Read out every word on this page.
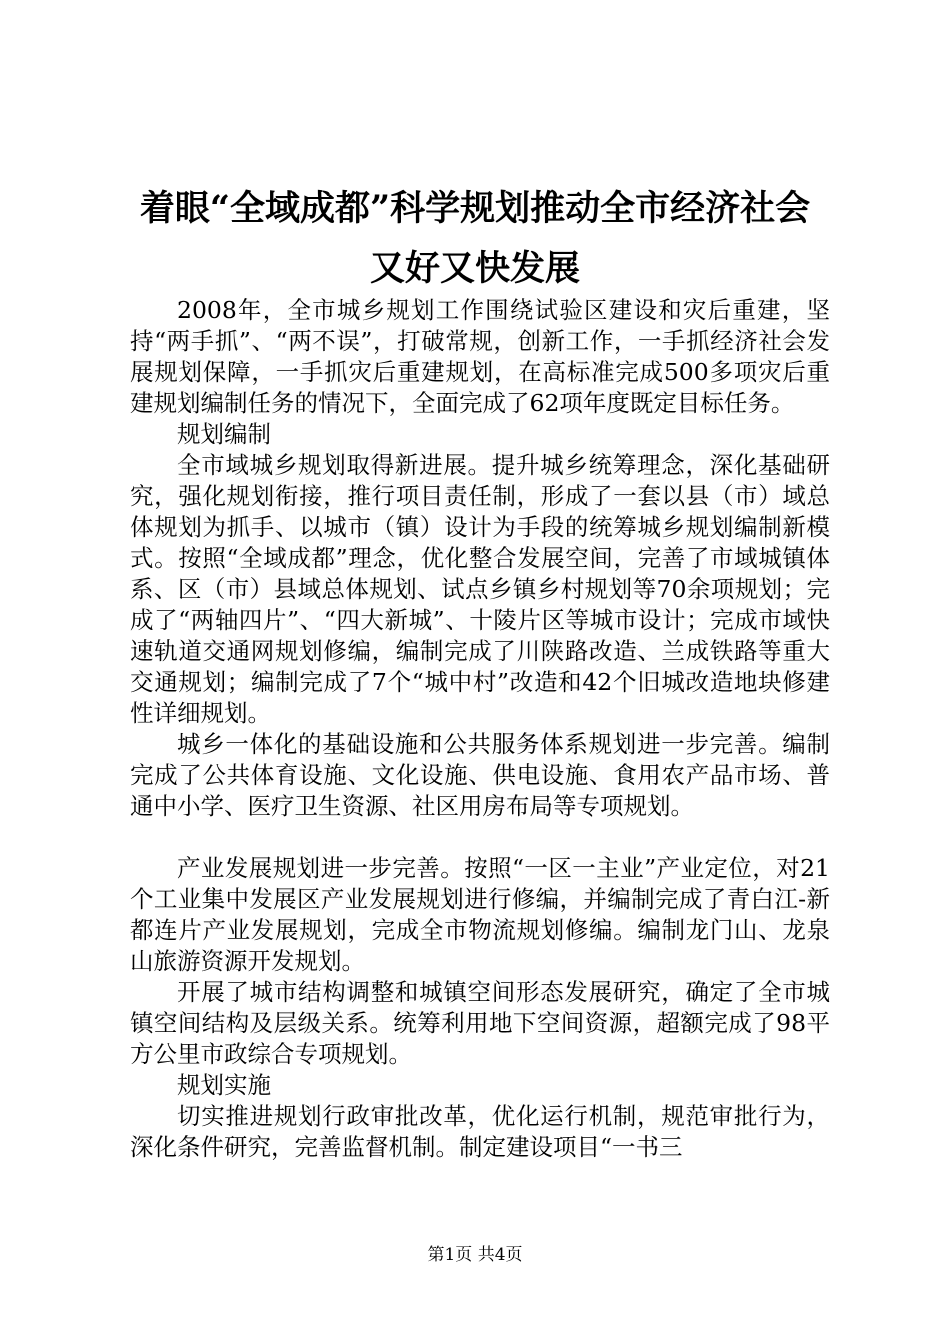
着眼“全域成都”科学规划推动全市经济社会
又好又快发展

2008年，全市城乡规划工作围绕试验区建设和灾后重建，坚持“两手抓”、“两不误”，打破常规，创新工作，一手抓经济社会发展规划保障，一手抓灾后重建规划，在高标准完成500多项灾后重建规划编制任务的情况下，全面完成了62项年度既定目标任务。

规划编制

全市域城乡规划取得新进展。提升城乡统筹理念，深化基础研究，强化规划衔接，推行项目责任制，形成了一套以县（市）域总体规划为抓手、以城市（镇）设计为手段的统筹城乡规划编制新模式。按照“全域成都”理念，优化整合发展空间，完善了市域城镇体系、区（市）县域总体规划、试点乡镇乡村规划等70余项规划；完成了“两轴四片”、“四大新城”、十陵片区等城市设计；完成市域快速轨道交通网规划修编，编制完成了川陕路改造、兰成铁路等重大交通规划；编制完成了7个“城中村”改造和42个旧城改造地块修建性详细规划。

城乡一体化的基础设施和公共服务体系规划进一步完善。编制完成了公共体育设施、文化设施、供电设施、食用农产品市场、普通中小学、医疗卫生资源、社区用房布局等专项规划。

产业发展规划进一步完善。按照“一区一主业”产业定位，对21个工业集中发展区产业发展规划进行修编，并编制完成了青白江-新都连片产业发展规划，完成全市物流规划修编。编制龙门山、龙泉山旅游资源开发规划。

开展了城市结构调整和城镇空间形态发展研究，确定了全市城镇空间结构及层级关系。统筹利用地下空间资源，超额完成了98平方公里市政综合专项规划。

规划实施

切实推进规划行政审批改革，优化运行机制，规范审批行为，深化条件研究，完善监督机制。制定建设项目“一书三

第1页 共4页
